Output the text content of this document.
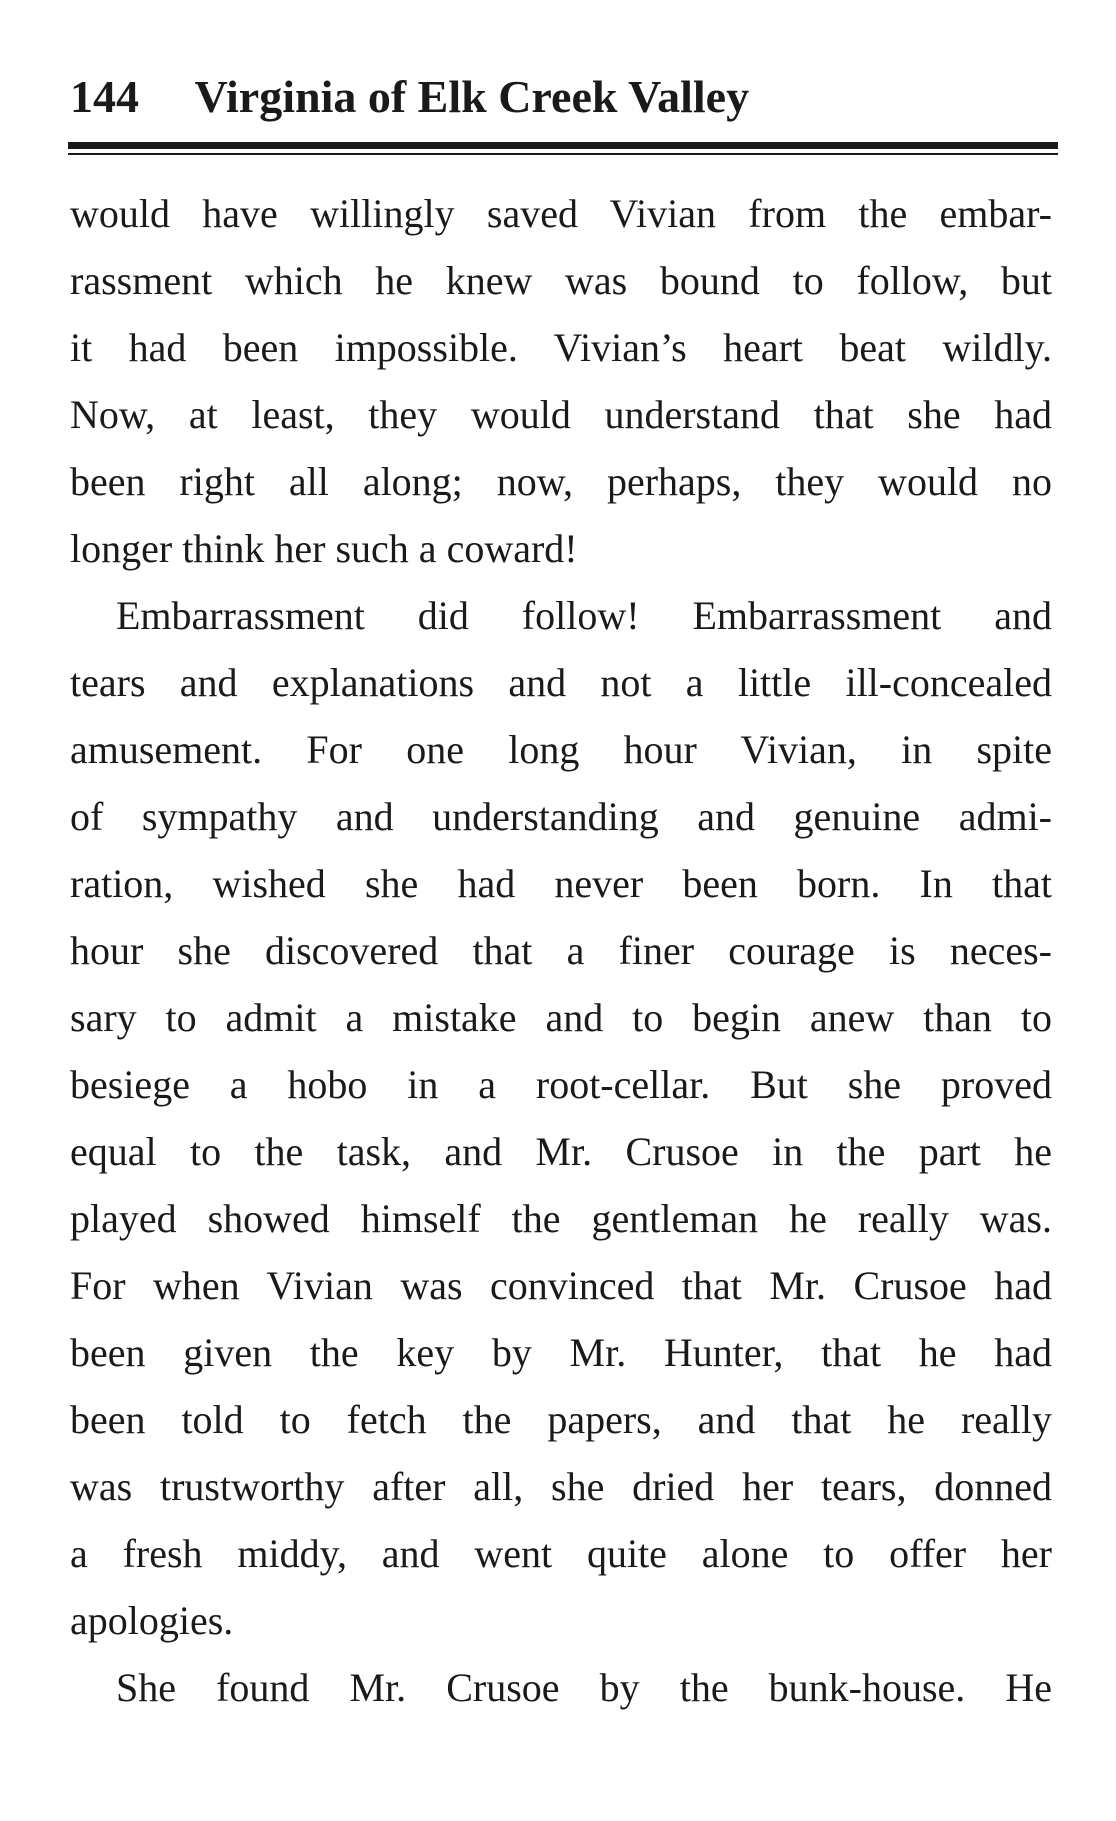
144 Virginia of Elk Creek Valley
would have willingly saved Vivian from the embar-
rassment which he knew was bound to follow, but
it had been impossible. Vivian’s heart beat wildly.
Now, at least, they would understand that she had
been right all along; now, perhaps, they would no
longer think her such a coward!
Embarrassment did follow! Embarrassment and
tears and explanations and not a little ill-concealed
amusement. For one long hour Vivian, in spite
of sympathy and understanding and genuine admi-
ration, wished she had never been born. In that
hour she discovered that a finer courage is neces-
sary to admit a mistake and to begin anew than to
besiege a hobo in a root-cellar. But she proved
equal to the task, and Mr. Crusoe in the part he
played showed himself the gentleman he really was.
For when Vivian was convinced that Mr. Crusoe had
been given the key by Mr. Hunter, that he had
been told to fetch the papers, and that he really
was trustworthy after all, she dried her tears, donned
a fresh middy, and went quite alone to offer her
apologies.
She found Mr. Crusoe by the bunk-house. He
